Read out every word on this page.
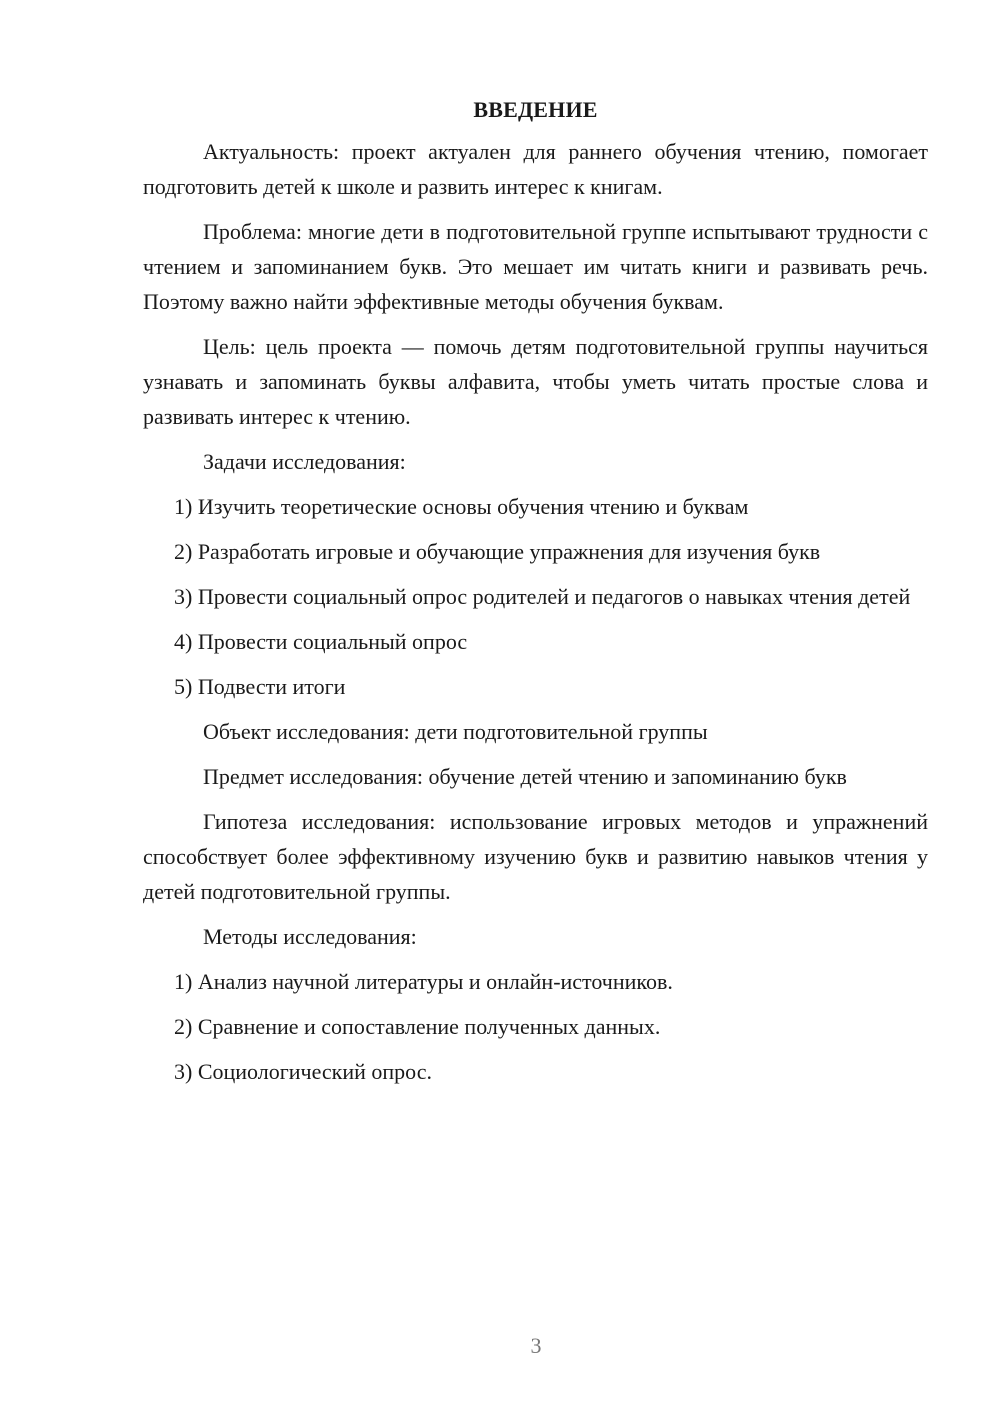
ВВЕДЕНИЕ

Актуальность: проект актуален для раннего обучения чтению, помогает подготовить детей к школе и развить интерес к книгам.

Проблема: многие дети в подготовительной группе испытывают трудности с чтением и запоминанием букв. Это мешает им читать книги и развивать речь. Поэтому важно найти эффективные методы обучения буквам.

Цель: цель проекта — помочь детям подготовительной группы научиться узнавать и запоминать буквы алфавита, чтобы уметь читать простые слова и развивать интерес к чтению.

Задачи исследования:

1) Изучить теоретические основы обучения чтению и буквам

2) Разработать игровые и обучающие упражнения для изучения букв

3) Провести социальный опрос родителей и педагогов о навыках чтения детей

4) Провести социальный опрос

5) Подвести итоги

Объект исследования: дети подготовительной группы

Предмет исследования: обучение детей чтению и запоминанию букв

Гипотеза исследования: использование игровых методов и упражнений способствует более эффективному изучению букв и развитию навыков чтения у детей подготовительной группы.

Методы исследования:

1) Анализ научной литературы и онлайн-источников.

2) Сравнение и сопоставление полученных данных.

3) Социологический опрос.

3
